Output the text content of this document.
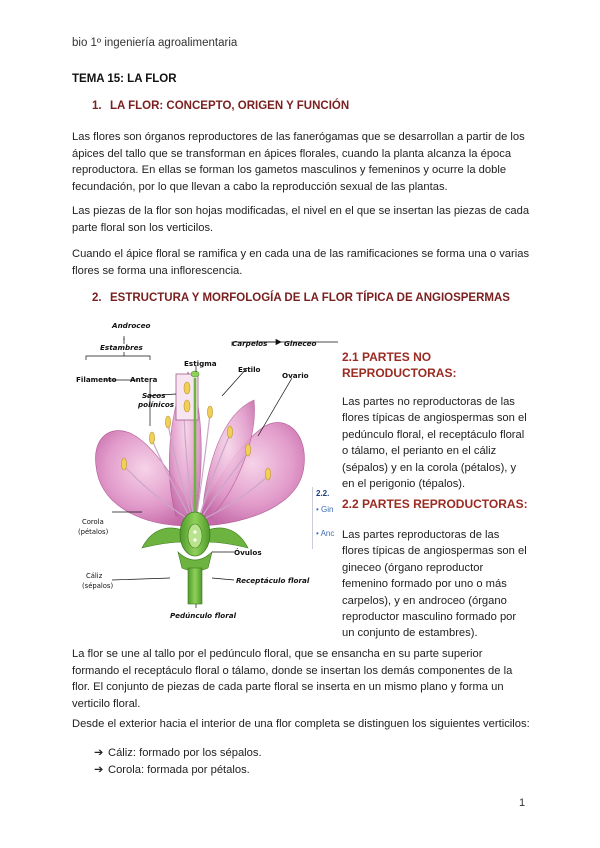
bio 1º ingeniería agroalimentaria
TEMA 15: LA FLOR
1. LA FLOR: CONCEPTO, ORIGEN Y FUNCIÓN
Las flores son órganos reproductores de las fanerógamas que se desarrollan a partir de los
ápices del tallo que se transforman en ápices florales, cuando la planta alcanza la época
reproductora. En ellas se forman los gametos masculinos y femeninos y ocurre la doble
fecundación, por lo que llevan a cabo la reproducción sexual de las plantas.
Las piezas de la flor son hojas modificadas, el nivel en el que se insertan las piezas de cada
parte floral son los verticilos.
Cuando el ápice floral se ramifica y en cada una de las ramificaciones se forma una o varias
flores se forma una inflorescencia.
2. ESTRUCTURA Y MORFOLOGÍA DE LA FLOR TÍPICA DE ANGIOSPERMAS
Androceo
Estambres
Filamento Antera
Sacos
polínicos
Carpelos Gineceo
Estigma
Estilo
Ovario
Corola
(pétalos)
Óvulos
Cáliz
(sépalos)
Receptáculo floral
Pedúnculo floral
2.2.
• Gin
• Anc
2.1 PARTES NO
REPRODUCTORAS:
Las partes no reproductoras de las
flores típicas de angiospermas son el
pedúnculo floral, el receptáculo floral
o tálamo, el perianto en el cáliz
(sépalos) y en la corola (pétalos), y
en el perigonio (tépalos).
2.2 PARTES REPRODUCTORAS:
Las partes reproductoras de las
flores típicas de angiospermas son el
gineceo (órgano reproductor
femenino formado por uno o más
carpelos), y en androceo (órgano
reproductor masculino formado por
un conjunto de estambres).
La flor se une al tallo por el pedúnculo floral, que se ensancha en su parte superior
formando el receptáculo floral o tálamo, donde se insertan los demás componentes de la
flor. El conjunto de piezas de cada parte floral se inserta en un mismo plano y forma un
verticilo floral.
Desde el exterior hacia el interior de una flor completa se distinguen los siguientes verticilos:
➔ Cáliz: formado por los sépalos.
➔ Corola: formada por pétalos.
1
